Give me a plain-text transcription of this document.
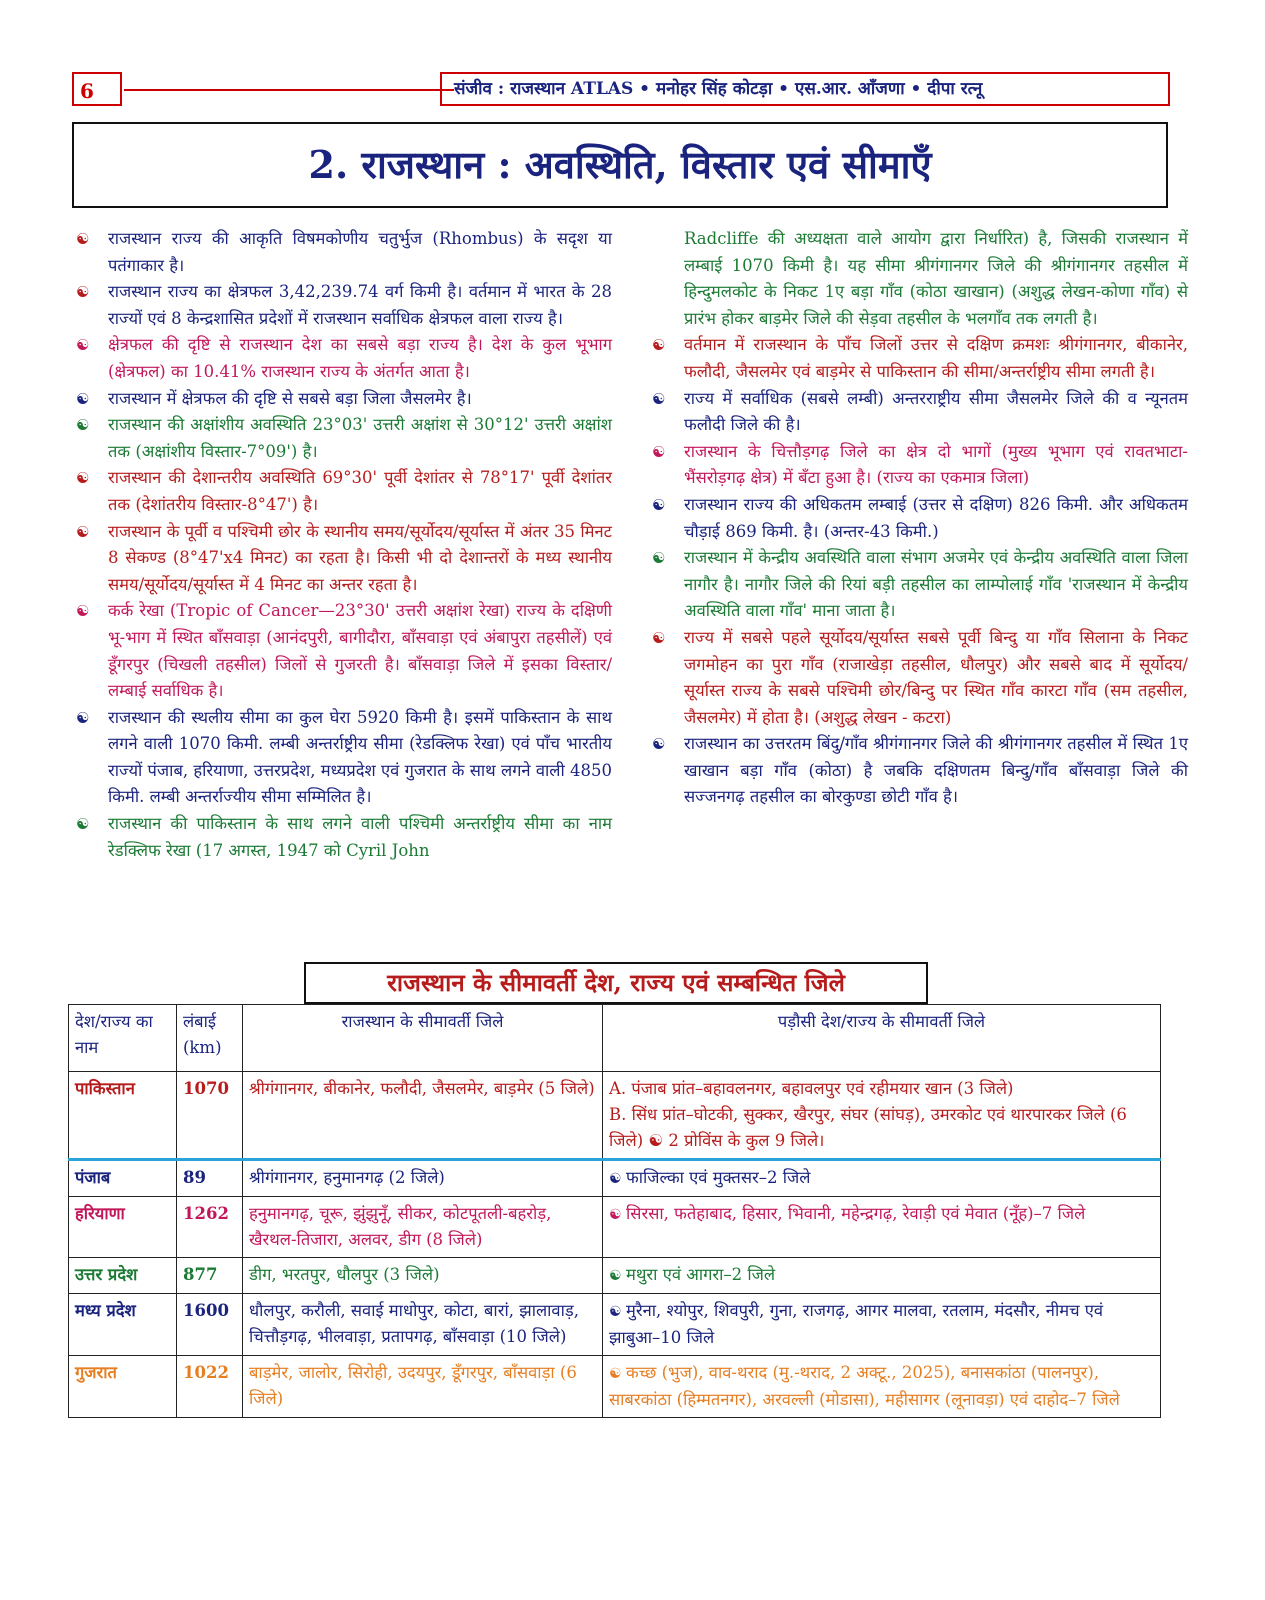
6	संजीव : राजस्थान ATLAS • मनोहर सिंह कोटड़ा • एस.आर. आँजणा • दीपा रत्नू
2. राजस्थान : अवस्थिति, विस्तार एवं सीमाएँ
☯ राजस्थान राज्य की आकृति विषमकोणीय चतुर्भुज (Rhombus) के सदृश या पतंगाकार है।
☯ राजस्थान राज्य का क्षेत्रफल 3,42,239.74 वर्ग किमी है। वर्तमान में भारत के 28 राज्यों एवं 8 केन्द्रशासित प्रदेशों में राजस्थान सर्वाधिक क्षेत्रफल वाला राज्य है।
☯ क्षेत्रफल की दृष्टि से राजस्थान देश का सबसे बड़ा राज्य है। देश के कुल भूभाग (क्षेत्रफल) का 10.41% राजस्थान राज्य के अंतर्गत आता है।
☯ राजस्थान में क्षेत्रफल की दृष्टि से सबसे बड़ा जिला जैसलमेर है।
☯ राजस्थान की अक्षांशीय अवस्थिति 23°03' उत्तरी अक्षांश से 30°12' उत्तरी अक्षांश तक (अक्षांशीय विस्तार-7°09') है।
☯ राजस्थान की देशान्तरीय अवस्थिति 69°30' पूर्वी देशांतर से 78°17' पूर्वी देशांतर तक (देशांतरीय विस्तार-8°47') है।
☯ राजस्थान के पूर्वी व पश्चिमी छोर के स्थानीय समय/सूर्योदय/सूर्यास्त में अंतर 35 मिनट 8 सेकण्ड (8°47'x4 मिनट) का रहता है। किसी भी दो देशान्तरों के मध्य स्थानीय समय/सूर्योदय/सूर्यास्त में 4 मिनट का अन्तर रहता है।
☯ कर्क रेखा (Tropic of Cancer—23°30' उत्तरी अक्षांश रेखा) राज्य के दक्षिणी भू-भाग में स्थित बाँसवाड़ा (आनंदपुरी, बागीदौरा, बाँसवाड़ा एवं अंबापुरा तहसीलें) एवं डूँगरपुर (चिखली तहसील) जिलों से गुजरती है। बाँसवाड़ा जिले में इसका विस्तार/लम्बाई सर्वाधिक है।
☯ राजस्थान की स्थलीय सीमा का कुल घेरा 5920 किमी है। इसमें पाकिस्तान के साथ लगने वाली 1070 किमी. लम्बी अन्तर्राष्ट्रीय सीमा (रेडक्लिफ रेखा) एवं पाँच भारतीय राज्यों पंजाब, हरियाणा, उत्तरप्रदेश, मध्यप्रदेश एवं गुजरात के साथ लगने वाली 4850 किमी. लम्बी अन्तर्राज्यीय सीमा सम्मिलित है।
☯ राजस्थान की पाकिस्तान के साथ लगने वाली पश्चिमी अन्तर्राष्ट्रीय सीमा का नाम रेडक्लिफ रेखा (17 अगस्त, 1947 को Cyril John

Radcliffe की अध्यक्षता वाले आयोग द्वारा निर्धारित) है, जिसकी राजस्थान में लम्बाई 1070 किमी है। यह सीमा श्रीगंगानगर जिले की श्रीगंगानगर तहसील में हिन्दुमलकोट के निकट 1ए बड़ा गाँव (कोठा खाखान) (अशुद्ध लेखन-कोणा गाँव) से प्रारंभ होकर बाड़मेर जिले की सेड़वा तहसील के भलगाँव तक लगती है।

☯ वर्तमान में राजस्थान के पाँच जिलों उत्तर से दक्षिण क्रमशः श्रीगंगानगर, बीकानेर, फलौदी, जैसलमेर एवं बाड़मेर से पाकिस्तान की सीमा/अन्तर्राष्ट्रीय सीमा लगती है।
☯ राज्य में सर्वाधिक (सबसे लम्बी) अन्तरराष्ट्रीय सीमा जैसलमेर जिले की व न्यूनतम फलौदी जिले की है।
☯ राजस्थान के चित्तौड़गढ़ जिले का क्षेत्र दो भागों (मुख्य भूभाग एवं रावतभाटा-भैंसरोड़गढ़ क्षेत्र) में बँटा हुआ है। (राज्य का एकमात्र जिला)
☯ राजस्थान राज्य की अधिकतम लम्बाई (उत्तर से दक्षिण) 826 किमी. और अधिकतम चौड़ाई 869 किमी. है। (अन्तर-43 किमी.)
☯ राजस्थान में केन्द्रीय अवस्थिति वाला संभाग अजमेर एवं केन्द्रीय अवस्थिति वाला जिला नागौर है। नागौर जिले की रियां बड़ी तहसील का लाम्पोलाई गाँव 'राजस्थान में केन्द्रीय अवस्थिति वाला गाँव' माना जाता है।
☯ राज्य में सबसे पहले सूर्योदय/सूर्यास्त सबसे पूर्वी बिन्दु या गाँव सिलाना के निकट जगमोहन का पुरा गाँव (राजाखेड़ा तहसील, धौलपुर) और सबसे बाद में सूर्योदय/सूर्यास्त राज्य के सबसे पश्चिमी छोर/बिन्दु पर स्थित गाँव कारटा गाँव (सम तहसील, जैसलमेर) में होता है। (अशुद्ध लेखन - कटरा)
☯ राजस्थान का उत्तरतम बिंदु/गाँव श्रीगंगानगर जिले की श्रीगंगानगर तहसील में स्थित 1ए खाखान बड़ा गाँव (कोठा) है जबकि दक्षिणतम बिन्दु/गाँव बाँसवाड़ा जिले की सज्जनगढ़ तहसील का बोरकुण्डा छोटी गाँव है।
राजस्थान के सीमावर्ती देश, राज्य एवं सम्बन्धित जिले
देश/राज्य का नाम	लंबाई (km)	राजस्थान के सीमावर्ती जिले	पड़ौसी देश/राज्य के सीमावर्ती जिले
पाकिस्तान	1070	श्रीगंगानगर, बीकानेर, फलौदी, जैसलमेर, बाड़मेर (5 जिले)	A. पंजाब प्रांत–बहावलनगर, बहावलपुर एवं रहीमयार खान (3 जिले)
B. सिंध प्रांत–घोटकी, सुक्कर, खैरपुर, संघर (सांघड़), उमरकोट एवं थारपारकर जिले (6 जिले) ☯ 2 प्रोविंस के कुल 9 जिले।

पंजाब	89	श्रीगंगानगर, हनुमानगढ़ (2 जिले)	☯ फाजिल्का एवं मुक्तसर–2 जिले
हरियाणा	1262	हनुमानगढ़, चूरू, झुंझुनूँ, सीकर, कोटपूतली-बहरोड़, खैरथल-तिजारा, अलवर, डीग (8 जिले)	☯ सिरसा, फतेहाबाद, हिसार, भिवानी, महेन्द्रगढ़, रेवाड़ी एवं मेवात (नूँह)–7 जिले
उत्तर प्रदेश	877	डीग, भरतपुर, धौलपुर (3 जिले)	☯ मथुरा एवं आगरा–2 जिले
मध्य प्रदेश	1600	धौलपुर, करौली, सवाई माधोपुर, कोटा, बारां, झालावाड़, चित्तौड़गढ़, भीलवाड़ा, प्रतापगढ़, बाँसवाड़ा (10 जिले)	☯ मुरैना, श्योपुर, शिवपुरी, गुना, राजगढ़, आगर मालवा, रतलाम, मंदसौर, नीमच एवं झाबुआ–10 जिले
गुजरात	1022	बाड़मेर, जालोर, सिरोही, उदयपुर, डूँगरपुर, बाँसवाड़ा (6 जिले)	☯ कच्छ (भुज), वाव-थराद (मु.-थराद, 2 अक्टू., 2025), बनासकांठा (पालनपुर), साबरकांठा (हिम्मतनगर), अरवल्ली (मोडासा), महीसागर (लूनावड़ा) एवं दाहोद–7 जिले
